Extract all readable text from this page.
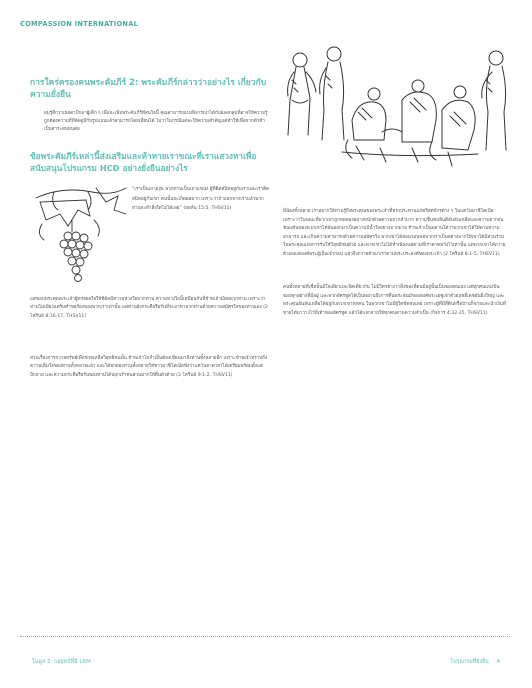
COMPASSION INTERNATIONAL
การใคร่ครองคนพระคัมภีร์ 2: พระคัมภีร์กล่าวว่าอย่างไร เกี่ยวกับความยั่งยืน
ผมรู้สึกว่าเยอคาปีกลาผู้เด็ก ๆ เพื่อจะเพิ่มพระคัมภีร์ที่สนใจนี้ คุณสามารถแบ่งพิจารณาได้กับผลอกลุ่มที่อาจให้ความรู้ถูกต้องความถี่ที่จัดดูมีกับรูปแบบแล้วสามารถไตยเที่ยนได้ ไม่ว่าในกรณีแต่ละให้ความสำคัญแต่ทำให้เพื่อจากตัวชำเป็นสาระสนทนต่อ
ข้อพระคัมภีร์เหล่านี้ส่งเสริมและท้าทายเราขณะที่เราแสวงหาเพื่อสนับสนุนโปรแกรม HCD อย่างยั่งยืนอย่างไร
“เราเป็นเถาองุ่น พวกท่านเป็นเถาแขนง ผู้ที่ติดสนิทอยู่กับเราและเราติดสนิทอยู่กับเขา คนนั้นจะเกิดผลมาก เพราะว่าถ้าแยกจากเราแล้วพวกท่านจะทำสิ่งใดไม่ได้เลย” (ยอห์น 15:5, THSV11)
แต่ขอบพระคุณพระเจ้าผู้ทรงดลใจให้ทิตัสมีความห่วงใยพวกท่าน ความห่วงใยนี้เหมือนกับที่ข้าพเจ้ามีต่อพวกท่าน เพราะว่าท่านไม่เพียงแต่รับคำขอร้องของพวกเราเท่านั้น แต่ท่านยังกระตือรือร้นที่จะมาหาพวกท่านด้วยความสมัครใจของท่านเอง (2 โครินธ์ 8:16-17, THSV11)
ส่วนเรื่องการถวายทรัพย์เพื่อช่วยเหลือวิสุทธิชนนั้น ข้าพเจ้าไม่จำเป็นต้องเขียนมาถึงท่านทั้งหลายอีก เพราะข้าพเจ้าทราบถึงความเต็มใจของท่านทั้งหลายแล้ว และได้ยกย่องท่านทั้งหลายให้ชาวมาซิโดเนียฟังว่าแคว้นอาคายาได้เตรียมพร้อมตั้งแต่ปีกลาย และความกระตือรือร้นของท่านได้ปลุกเร้าคนส่วนมากให้ตื่นตัวด้วย (2 โครินธ์ 9:1-2, THSV11)
พี่น้องทั้งหลาย เราอยากให้ท่านรู้ถึงพระคุณของพระเจ้าที่ทรงประทานแก่คริสตจักรต่าง ๆ ในแคว้นมาซิโดเนีย เพราะว่าในขณะที่พวกเขาถูกทดลองอย่างหนักด้วยความยากลำบาก ความชื่นชมยินดีอันล้นเหลือและความยากจนข้นแค้นของพวกเขาได้ล้นออกมาเป็นความมีน้ำใจอย่างมากมาย ข้าพเจ้าเป็นพยานได้ว่าพวกเขาได้ให้ตามความสามารถ และเกินความสามารถด้วยความสมัครใจ พวกเขาได้อ้อนวอนขอพวกเราเป็นอย่างมากให้เขาได้มีส่วนร่วมในพระคุณแห่งการรับใช้วิสุทธิชนด้วย และพวกเขาไม่ได้ทำเพียงแต่ตามที่เราคาดหวังไว้เท่านั้น แต่พวกเขาได้ถวายตัวเองแด่องค์พระผู้เป็นเจ้าก่อน แล้วจึงถวายตัวแก่เราตามพระประสงค์ของพระเจ้า (2 โครินธ์ 8:1-5, THSV11)
คนทั้งหลายที่เชื่อนั้นมีใจเดียวและจิตเดียวกัน ไม่มีใครอ้างว่าสิ่งของที่ตนมีอยู่นั้นเป็นของตนเอง แต่ทุกคนแบ่งปันของทุกอย่างที่มีอยู่ และพวกอัครทูตได้เป็นพยานถึงการคืนพระชนม์ขององค์พระเยซูเจ้าด้วยฤทธิ์เดชอันยิ่งใหญ่ และพระคุณอันล้นเหลือได้อยู่กับพวกเขาทุกคน ในพวกเขาไม่มีผู้ใดขัดสนเลย เพราะผู้ที่มีที่ดินหรือบ้านก็ขายและนำเงินที่ขายได้มาวางไว้ที่เท้าของอัครทูต แล้วได้แจกจ่ายให้ทุกคนตามความจำเป็น (กิจการ 4:32-35, THSV11)
โมดูล 2: กลยุทธ์ที่มี LRM	โปรแกรมที่ยั่งยืน 4
